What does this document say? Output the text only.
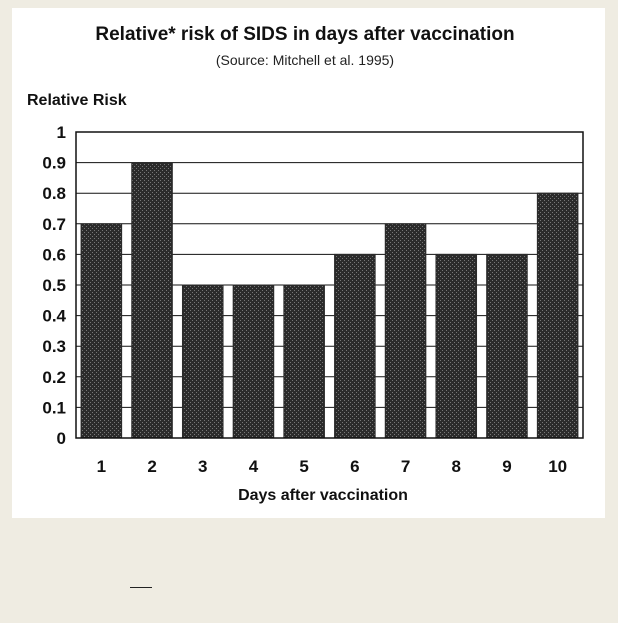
Relative* risk of SIDS in days after vaccination
(Source: Mitchell et al. 1995)
Relative Risk
Days after vaccination
0
0.1
0.2
0.3
0.4
0.5
0.6
0.7
0.8
0.9
1
1 2 3 4 5 6 7 8 9 10
